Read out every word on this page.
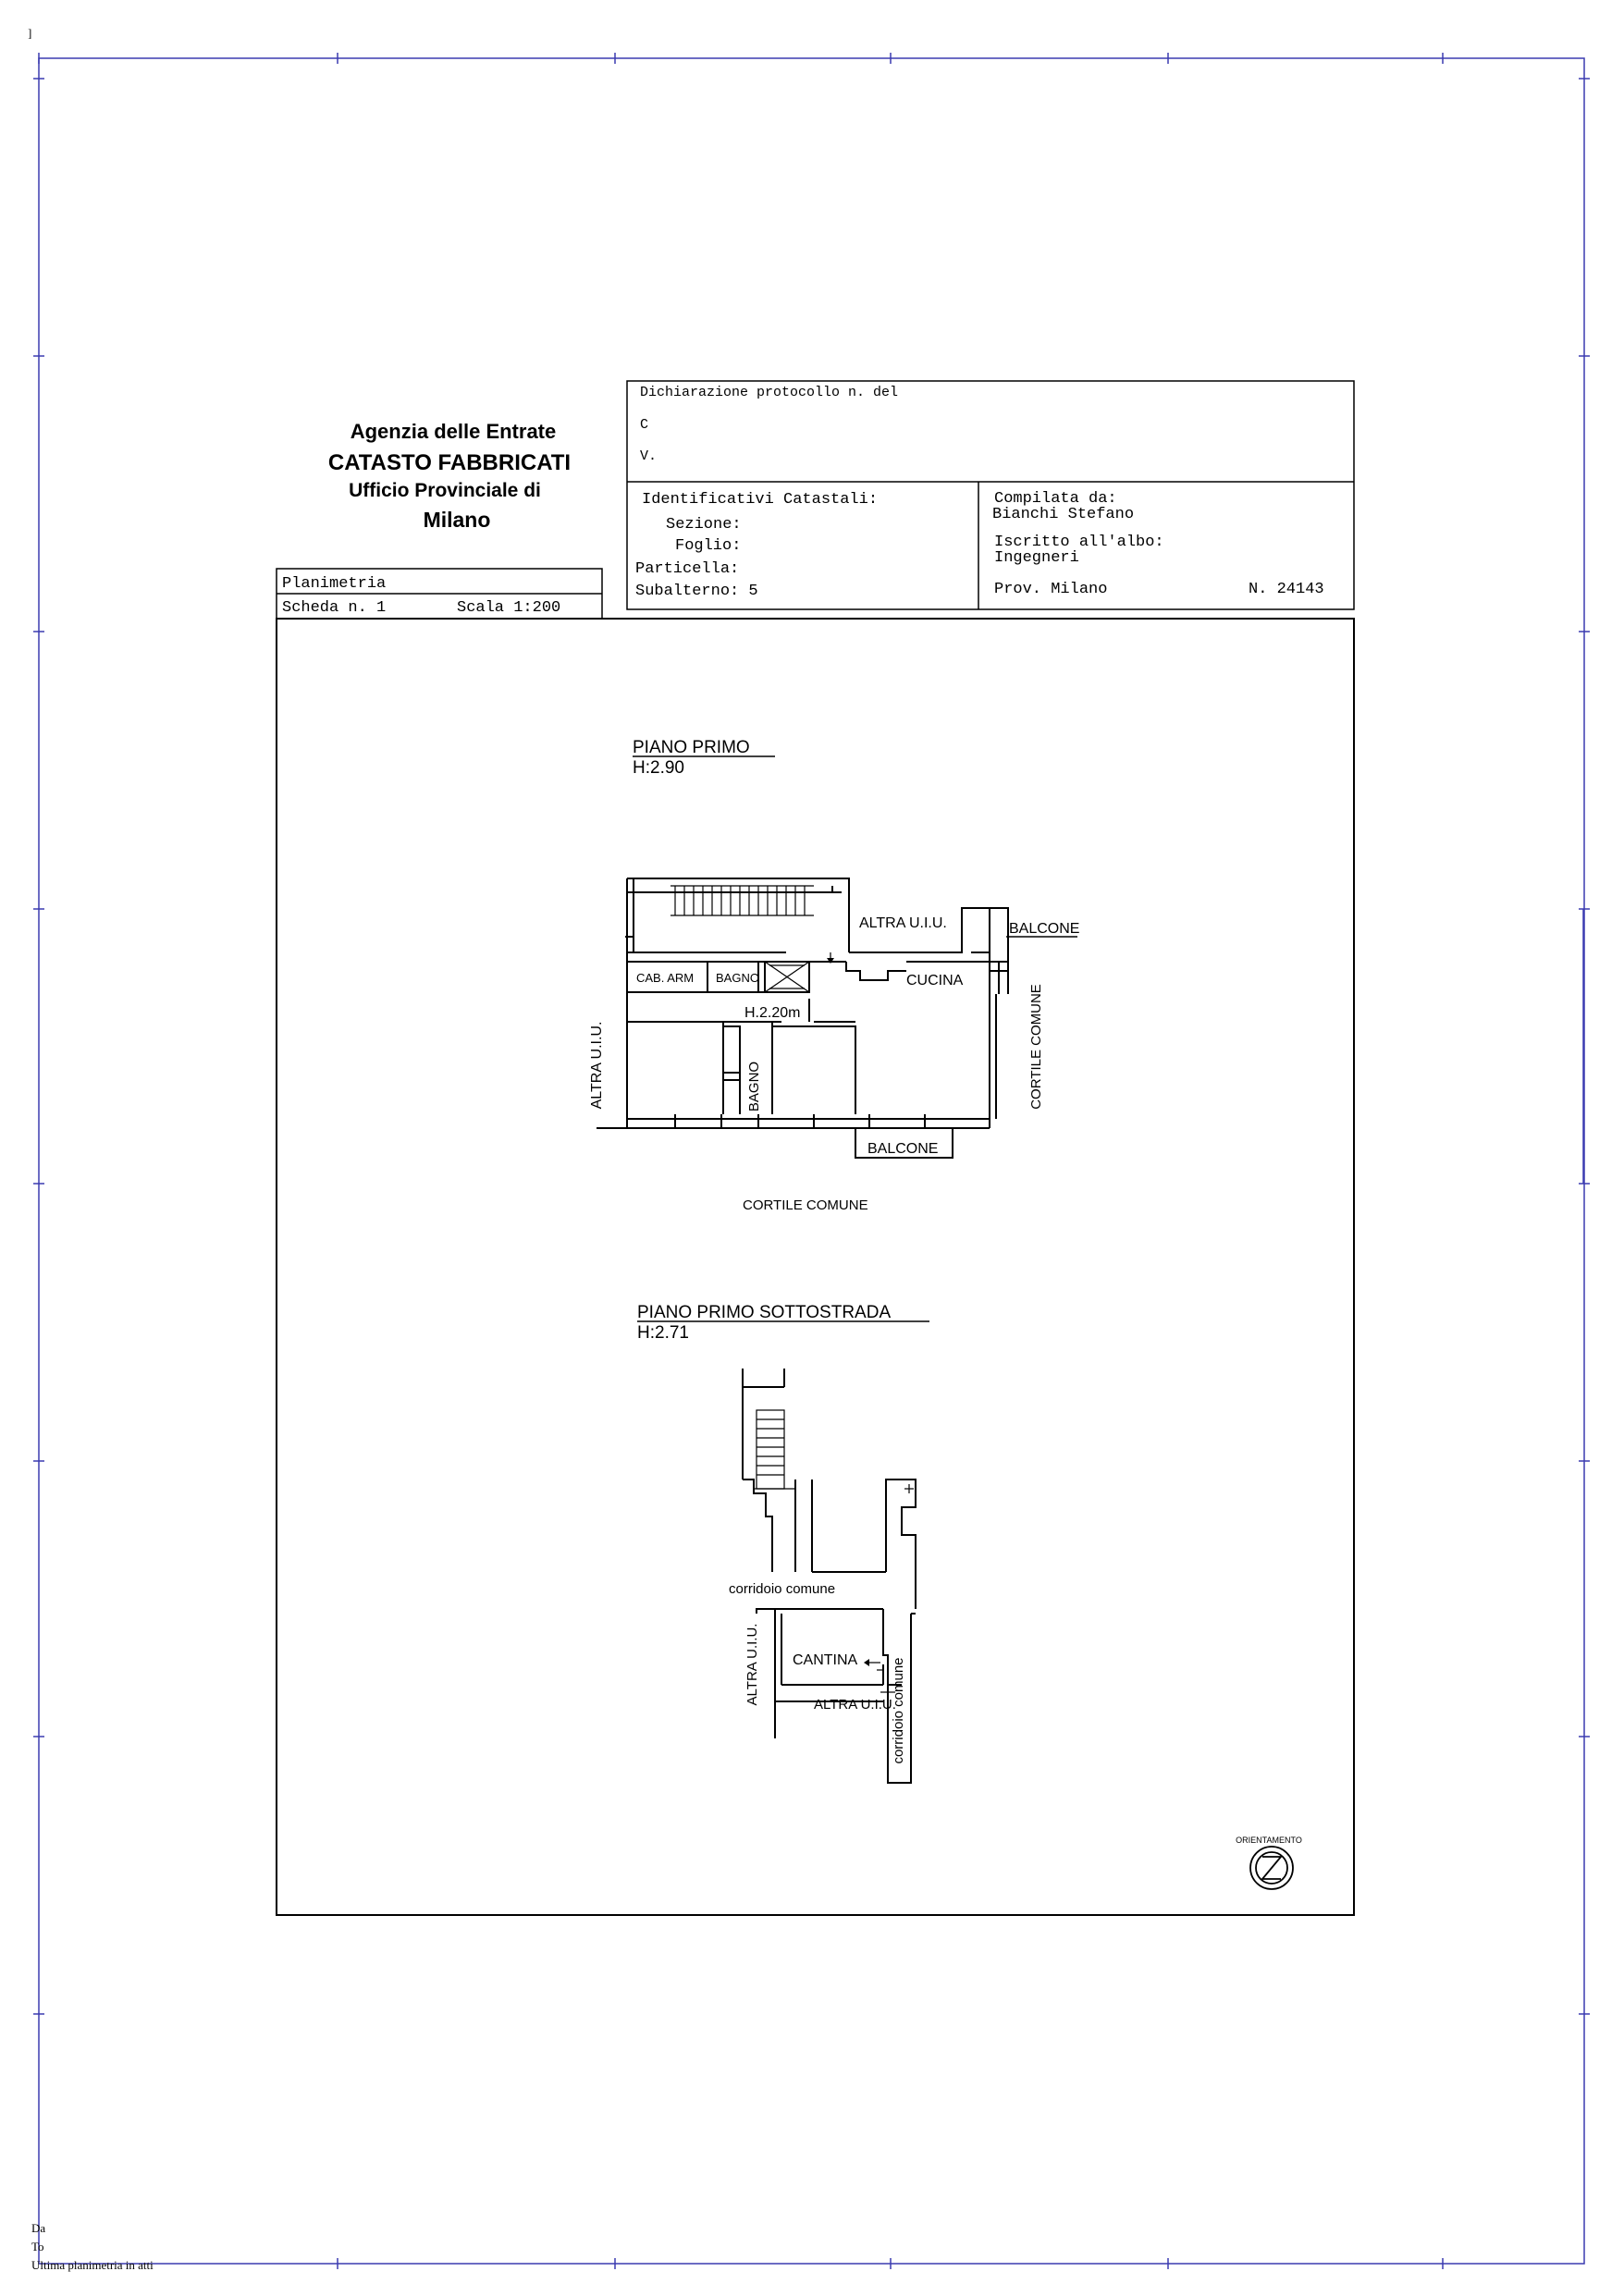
]
Agenzia delle Entrate
CATASTO FABBRICATI
Ufficio Provinciale di
Milano
Dichiarazione protocollo n. del
C
V.
Identificativi Catastali:
Sezione:
Foglio:
Particella:
Subalterno: 5
Compilata da:
Bianchi Stefano
Iscritto all'albo:
Ingegneri
Prov. Milano	N. 24143
Planimetria
Scheda n. 1	Scala 1:200
PIANO PRIMO
H:2.90
ALTRA U.I.U.	BALCONE
CAB. ARM BAGNO	CUCINA
H.2.20m
ALTRA U.I.U.	BAGNO	CORTILE COMUNE
BALCONE
CORTILE COMUNE
PIANO PRIMO SOTTOSTRADA
H:2.71
corridoio comune
ALTRA U.I.U. CANTINA
ALTRA U.I.U.
corridoio comune
ORIENTAMENTO
Da
To
Ultima planimetria in atti
